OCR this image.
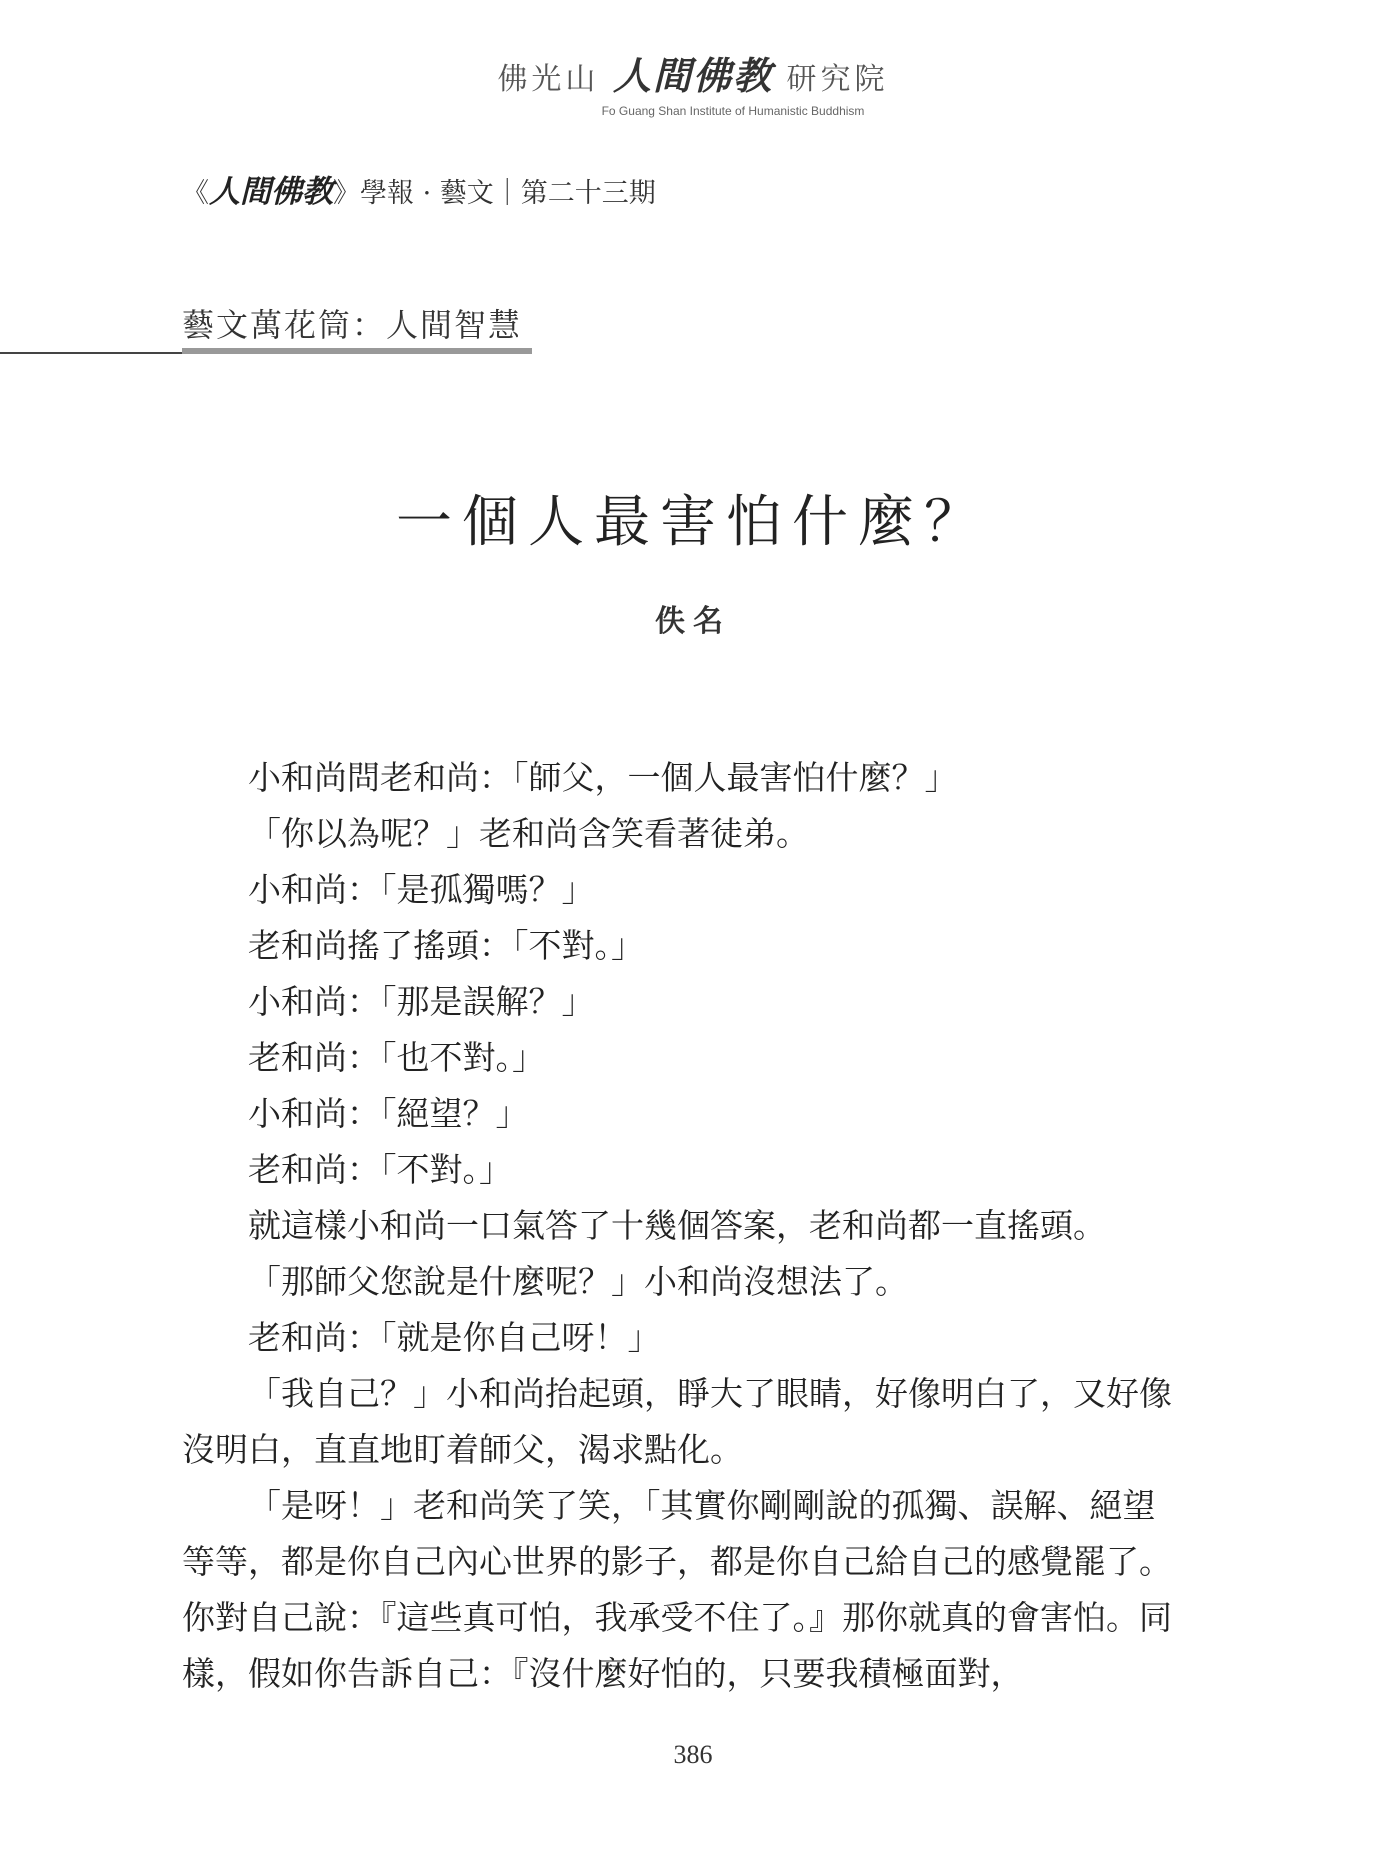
佛光山 人間佛教 研究院
Fo Guang Shan Institute of Humanistic Buddhism
《人間佛教》學報 · 藝文｜第二十三期
藝文萬花筒：人間智慧
一個人最害怕什麼？
佚名

小和尚問老和尚：「師父，一個人最害怕什麼？」

「你以為呢？」老和尚含笑看著徒弟。

小和尚：「是孤獨嗎？」

老和尚搖了搖頭：「不對。」

小和尚：「那是誤解？」

老和尚：「也不對。」

小和尚：「絕望？」

老和尚：「不對。」

就這樣小和尚一口氣答了十幾個答案，老和尚都一直搖頭。

「那師父您說是什麼呢？」小和尚沒想法了。

老和尚：「就是你自己呀！」

「我自己？」小和尚抬起頭，睜大了眼睛，好像明白了，又好像沒明白，直直地盯着師父，渴求點化。

「是呀！」老和尚笑了笑，「其實你剛剛說的孤獨、誤解、絕望等等，都是你自己內心世界的影子，都是你自己給自己的感覺罷了。你對自己說：『這些真可怕，我承受不住了。』那你就真的會害怕。同樣，假如你告訴自己：『沒什麼好怕的，只要我積極面對，

386
